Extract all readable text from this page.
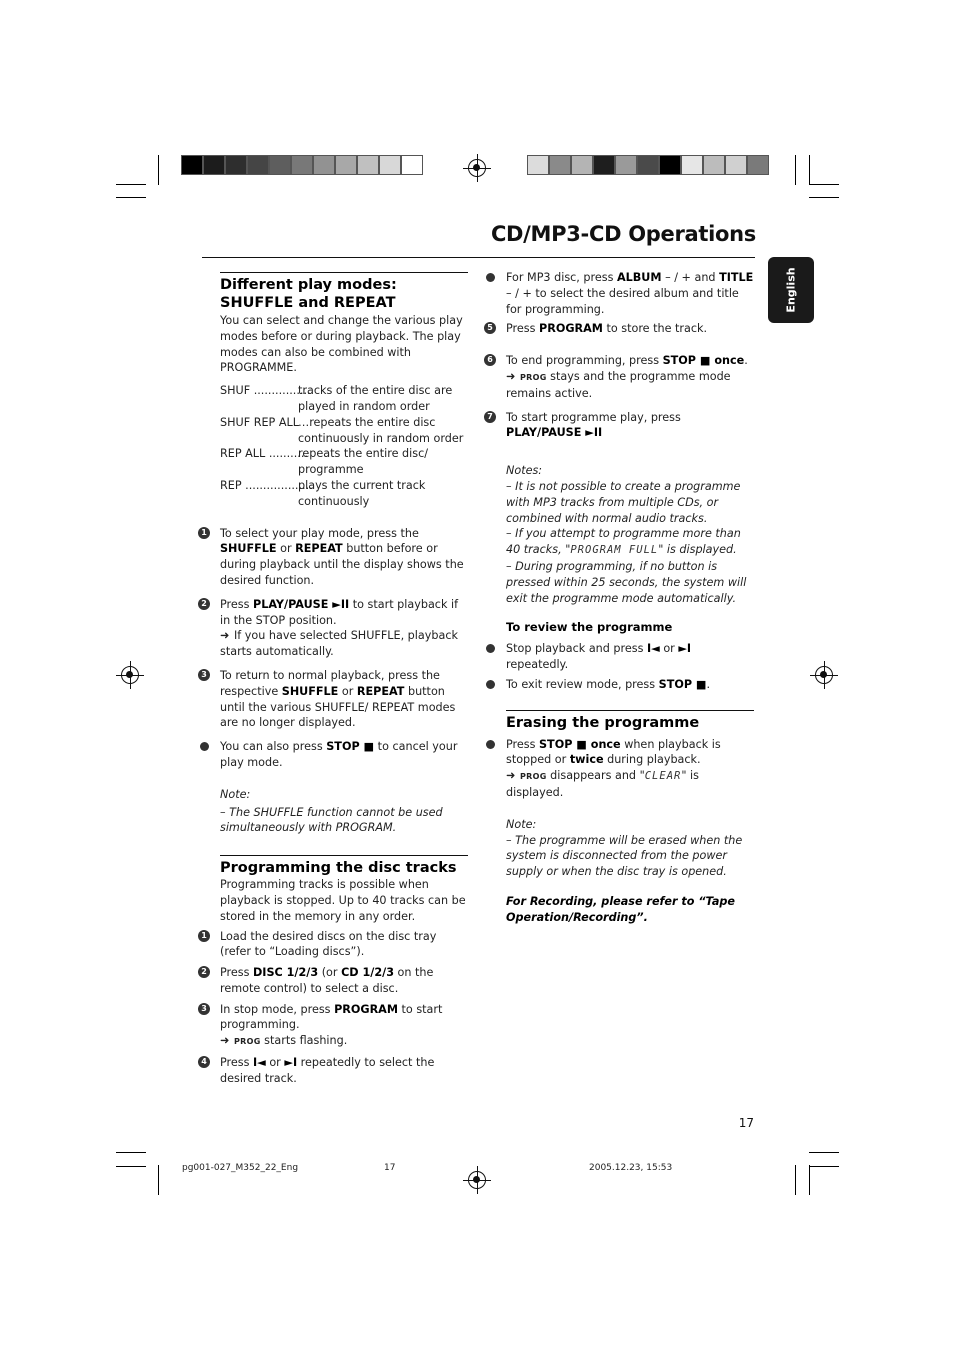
CD/MP3-CD Operations
English

Different play modes: SHUFFLE and REPEAT

You can select and change the various play modes before or during playback. The play modes can also be combined with PROGRAMME.
SHUF ................
tracks of the entire disc are played in random order
SHUF REP ALL …repeats the entire disc continuously in random order
REP ALL ...........
repeats the entire disc/ programme
REP ...................
plays the current track continuously
1 To select your play mode, press the SHUFFLE or REPEAT button before or during playback until the display shows the desired function.
2 Press PLAY/PAUSE ►II to start playback if in the STOP position.
➜ If you have selected SHUFFLE, playback starts automatically.
3 To return to normal playback, press the respective SHUFFLE or REPEAT button until the various SHUFFLE/ REPEAT modes are no longer displayed.
You can also press STOP ■ to cancel your play mode.
Note:
– The SHUFFLE function cannot be used simultaneously with PROGRAM.

Programming the disc tracks

Programming tracks is possible when playback is stopped. Up to 40 tracks can be stored in the memory in any order.
1 Load the desired discs on the disc tray (refer to “Loading discs”).
2 Press DISC 1/2/3 (or CD 1/2/3 on the remote control) to select a disc.
3 In stop mode, press PROGRAM to start programming.
➜ PROG starts flashing.
4 Press I◄ or ►I repeatedly to select the desired track.
For MP3 disc, press ALBUM – / + and TITLE – / + to select the desired album and title for programming.
5 Press PROGRAM to store the track.
6 To end programming, press STOP ■ once.
➜ PROG stays and the programme mode remains active.
7 To start programme play, press PLAY/PAUSE ►II
Notes:
– It is not possible to create a programme with MP3 tracks from multiple CDs, or combined with normal audio tracks.
– If you attempt to programme more than 40 tracks, "PROGRAM FULL" is displayed.
– During programming, if no button is pressed within 25 seconds, the system will exit the programme mode automatically.
To review the programme
Stop playback and press I◄ or ►I repeatedly.
To exit review mode, press STOP ■.

Erasing the programme

Press STOP ■ once when playback is stopped or twice during playback.
➜ PROG disappears and "CLEAR" is displayed.
Note:
– The programme will be erased when the system is disconnected from the power supply or when the disc tray is opened.
For Recording, please refer to “Tape Operation/Recording”.
17
pg001-027_M352_22_Eng	17	2005.12.23, 15:53
